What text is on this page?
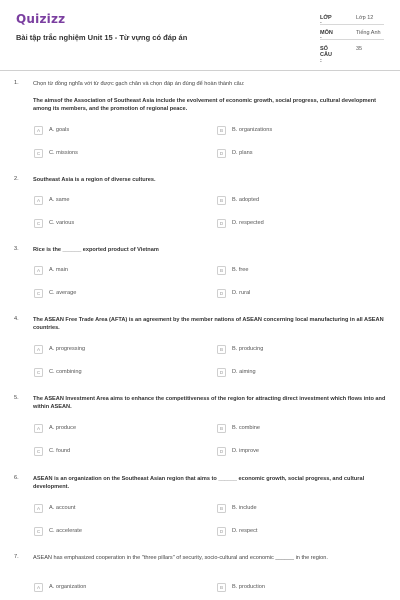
Quizizz
Bài tập trắc nghiệm Unit 15 - Từ vựng có đáp án
LỚP :
Lớp 12
MÔN :
Tiếng Anh
SỐ CÂU :
35
1.	Chọn từ đồng nghĩa với từ được gạch chân và chọn đáp án đúng để hoàn thành câu:
The aimsof the Association of Southeast Asia include the evolvement of economic growth, social progress, cultural development among its members, and the promotion of regional peace.
A	A. goals	B	B. organizations
C	C. missions	D	D. plans
2.	Southeast Asia is a region of diverse cultures.
A	A. same	B	B. adopted
C	C. various	D	D. respected
3.	Rice is the ______ exported product of Vietnam
A	A. main	B	B. free
C	C. average	D	D. rural
4.	The ASEAN Free Trade Area (AFTA) is an agreement by the member nations of ASEAN concerning local manufacturing in all ASEAN countries.
A	A. progressing	B	B. producing
C	C. combining	D	D. aiming
5.	The ASEAN Investment Area aims to enhance the competitiveness of the region for attracting direct investment which flows into and within ASEAN.
A	A. produce	B	B. combine
C	C. found	D	D. improve
6.	ASEAN is an organization on the Southeast Asian region that aims to ______ economic growth, social progress, and cultural development.
A	A. account	B	B. include
C	C. accelerate	D	D. respect
7.	ASEAN has emphasized cooperation in the "three pillars" of security, socio-cultural and economic ______ in the region.
A	A. organization	B	B. production
